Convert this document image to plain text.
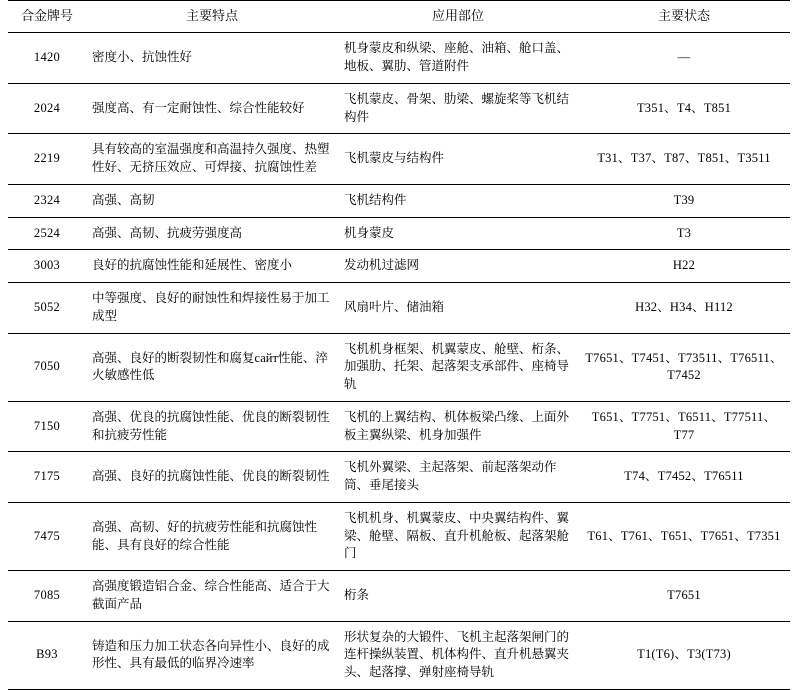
合金牌号	主要特点	应用部位	主要状态
1420	密度小、抗蚀性好	机身蒙皮和纵梁、座舱、油箱、舱口盖、地板、翼肋、管道附件	—
2024	强度高、有一定耐蚀性、综合性能较好	飞机蒙皮、骨架、肋梁、螺旋桨等飞机结构件	T351、T4、T851
2219	具有较高的室温强度和高温持久强度、热塑性好、无挤压效应、可焊接、抗腐蚀性差	飞机蒙皮与结构件	T31、T37、T87、T851、T3511
2324	高强、高韧	飞机结构件	T39
2524	高强、高韧、抗疲劳强度高	机身蒙皮	T3
3003	良好的抗腐蚀性能和延展性、密度小	发动机过滤网	H22
5052	中等强度、良好的耐蚀性和焊接性易于加工成型	风扇叶片、储油箱	H32、H34、H112
7050	高强、良好的断裂韧性和腐复сайт性能、淬火敏感性低	飞机机身框架、机翼蒙皮、舱壁、桁条、加强肋、托架、起落架支承部件、座椅导轨	T7651、T7451、T73511、T76511、T7452
7150	高强、优良的抗腐蚀性能、优良的断裂韧性和抗疲劳性能	飞机的上翼结构、机体板梁凸缘、上面外板主翼纵梁、机身加强件	T651、T7751、T6511、T77511、T77
7175	高强、良好的抗腐蚀性能、优良的断裂韧性	飞机外翼梁、主起落架、前起落架动作筒、垂尾接头	T74、T7452、T76511
7475	高强、高韧、好的抗疲劳性能和抗腐蚀性能、具有良好的综合性能	飞机机身、机翼蒙皮、中央翼结构件、翼梁、舱壁、隔板、直升机舱板、起落架舱门	T61、T761、T651、T7651、T7351
7085	高强度锻造铝合金、综合性能高、适合于大截面产品	桁条	T7651
B93	铸造和压力加工状态各向异性小、良好的成形性、具有最低的临界冷速率	形状复杂的大锻件、飞机主起落架闸门的连杆操纵装置、机体构件、直升机悬翼夹头、起落撑、弹射座椅导轨	T1(T6)、T3(T73)
